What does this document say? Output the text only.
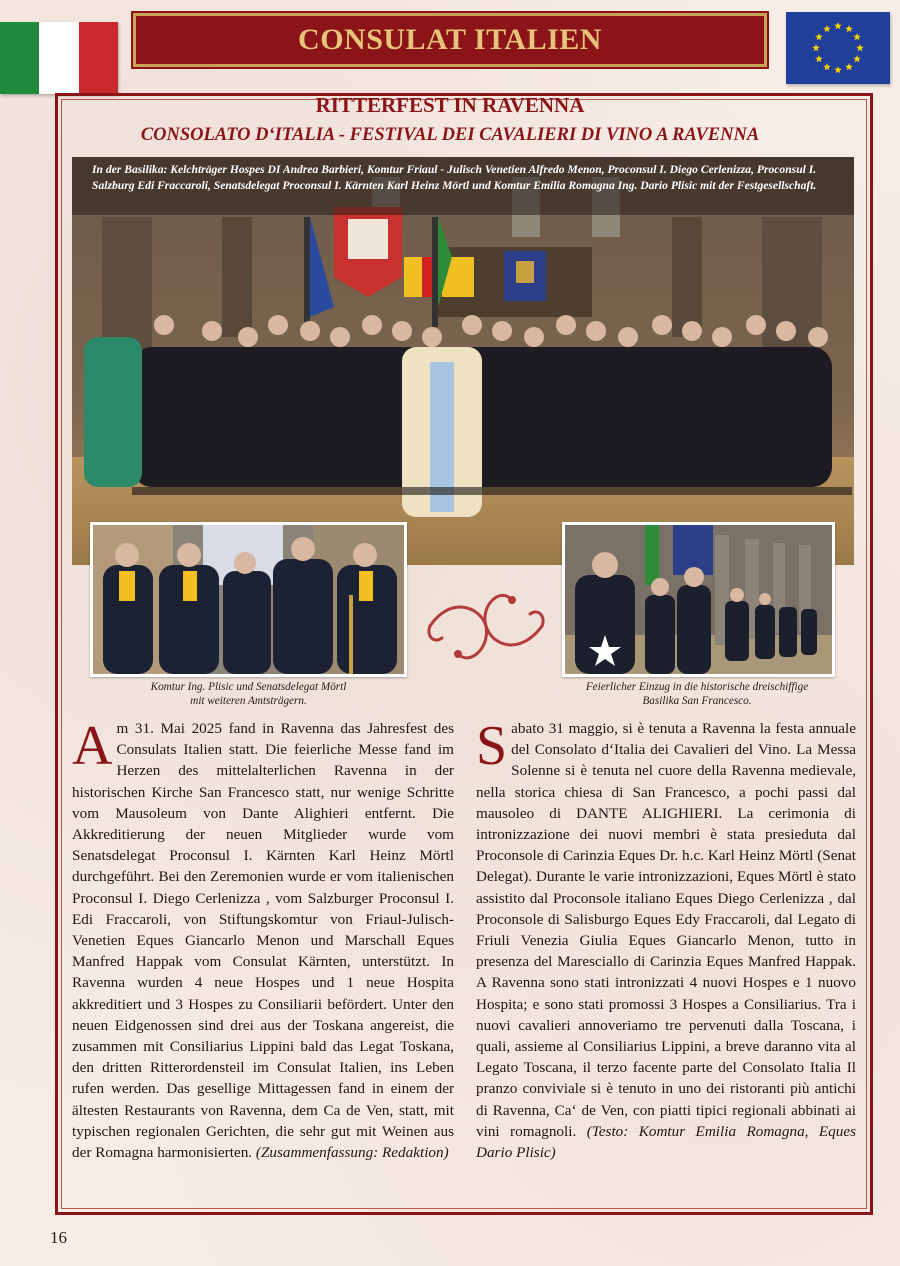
CONSULAT ITALIEN
RITTERFEST IN RAVENNA
CONSOLATO D‘ITALIA - FESTIVAL DEI CAVALIERI DI VINO A RAVENNA
In der Basilika: Kelchträger Hospes DI Andrea Barbieri, Komtur Friaul - Julisch Venetien Alfredo Menon, Proconsul I. Diego Cerlenizza, Proconsul I. Salzburg Edi Fraccaroli, Senatsdelegat Proconsul I. Kärnten Karl Heinz Mörtl und Komtur Emilia Romagna Ing. Dario Plisic mit der Festgesellschaft.
Komtur Ing. Plisic und Senatsdelegat Mörtl
mit weiteren Amtsträgern.
Feierlicher Einzug in die historische dreischiffige
Basilika San Francesco.
Am 31. Mai 2025 fand in Ravenna das Jahresfest des Consulats Italien statt. Die feierliche Messe fand im Herzen des mittelalterlichen Ravenna in der historischen Kirche San Francesco statt, nur wenige Schritte vom Mausoleum von Dante Alighieri entfernt. Die Akkreditierung der neuen Mitglieder wurde vom Senatsdelegat Proconsul I. Kärnten Karl Heinz Mörtl durchgeführt. Bei den Zeremonien wurde er vom italienischen Proconsul I. Diego Cerlenizza , vom Salzburger Proconsul I. Edi Fraccaroli, von Stiftungskomtur von Friaul-Julisch-Venetien Eques Giancarlo Menon und Marschall Eques Manfred Happak vom Consulat Kärnten, unterstützt. In Ravenna wurden 4 neue Hospes und 1 neue Hospita akkreditiert und 3 Hospes zu Consiliarii befördert. Unter den neuen Eidgenossen sind drei aus der Toskana angereist, die zusammen mit Consiliarius Lippini bald das Legat Toskana, den dritten Ritterordensteil im Consulat Italien, ins Leben rufen werden. Das gesellige Mittagessen fand in einem der ältesten Restaurants von Ravenna, dem Ca de Ven, statt, mit typischen regionalen Gerichten, die sehr gut mit Weinen aus der Romagna harmonisierten. (Zusammenfassung: Redaktion)
Sabato 31 maggio, si è tenuta a Ravenna la festa annuale del Consolato d‘Italia dei Cavalieri del Vino. La Messa Solenne si è tenuta nel cuore della Ravenna medievale, nella storica chiesa di San Francesco, a pochi passi dal mausoleo di DANTE ALIGHIERI. La cerimonia di intronizzazione dei nuovi membri è stata presieduta dal Proconsole di Carinzia Eques Dr. h.c. Karl Heinz Mörtl (Senat Delegat). Durante le varie intronizzazioni, Eques Mörtl è stato assistito dal Proconsole italiano Eques Diego Cerlenizza , dal Proconsole di Salisburgo Eques Edy Fraccaroli, dal Legato di Friuli Venezia Giulia Eques Giancarlo Menon, tutto in presenza del Maresciallo di Carinzia Eques Manfred Happak. A Ravenna sono stati intronizzati 4 nuovi Hospes e 1 nuovo Hospita; e sono stati promossi 3 Hospes a Consiliarius. Tra i nuovi cavalieri annoveriamo tre pervenuti dalla Toscana, i quali, assieme al Consiliarius Lippini, a breve daranno vita al Legato Toscana, il terzo facente parte del Consolato Italia Il pranzo conviviale si è tenuto in uno dei ristoranti più antichi di Ravenna, Ca‘ de Ven, con piatti tipici regionali abbinati ai vini romagnoli. (Testo: Komtur Emilia Romagna, Eques Dario Plisic)
16
